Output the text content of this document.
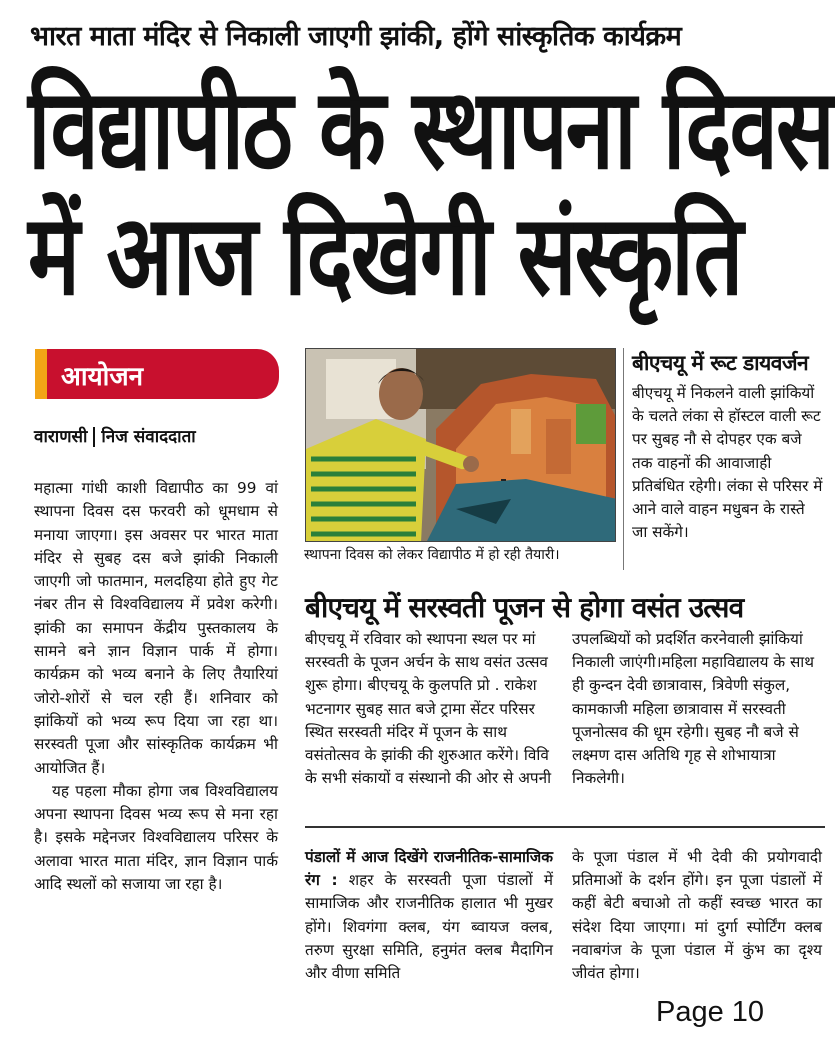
भारत माता मंदिर से निकाली जाएगी झांकी, होंगे सांस्कृतिक कार्यक्रम
विद्यापीठ के स्थापना दिवस
में आज दिखेगी संस्कृति
आयोजन
वाराणसी निज संवाददाता

महात्मा गांधी काशी विद्यापीठ का 99 वां स्थापना दिवस दस फरवरी को धूमधाम से मनाया जाएगा। इस अवसर पर भारत माता मंदिर से सुबह दस बजे झांकी निकाली जाएगी जो फातमान, मलदहिया होते हुए गेट नंबर तीन से विश्वविद्यालय में प्रवेश करेगी। झांकी का समापन केंद्रीय पुस्तकालय के सामने बने ज्ञान विज्ञान पार्क में होगा। कार्यक्रम को भव्य बनाने के लिए तैयारियां जोरो-शोरों से चल रही हैं। शनिवार को झांकियों को भव्य रूप दिया जा रहा था। सरस्वती पूजा और सांस्कृतिक कार्यक्रम भी आयोजित हैं।

यह पहला मौका होगा जब विश्वविद्यालय अपना स्थापना दिवस भव्य रूप से मना रहा है। इसके मद्देनजर विश्वविद्यालय परिसर के अलावा भारत माता मंदिर, ज्ञान विज्ञान पार्क आदि स्थलों को सजाया जा रहा है।

स्थापना दिवस को लेकर विद्यापीठ में हो रही तैयारी।
बीएचयू में रूट डायवर्जन
बीएचयू में निकलने वाली झांकियों के चलते लंका से हॉस्टल वाली रूट पर सुबह नौ से दोपहर एक बजे तक वाहनों की आवाजाही प्रतिबंधित रहेगी। लंका से परिसर में आने वाले वाहन मधुबन के रास्ते जा सकेंगे।
बीएचयू में सरस्वती पूजन से होगा वसंत उत्सव
बीएचयू में रविवार को स्थापना स्थल पर मां सरस्वती के पूजन अर्चन के साथ वसंत उत्सव शुरू होगा। बीएचयू के कुलपति प्रो . राकेश भटनागर सुबह सात बजे ट्रामा सेंटर परिसर स्थित सरस्वती मंदिर में पूजन के साथ वसंतोत्सव के झांकी की शुरुआत करेंगे। विवि के सभी संकायों व संस्थानो की ओर से अपनी
उपलब्धियों को प्रदर्शित करनेवाली झांकियां निकाली जाएंगी।महिला महाविद्यालय के साथ ही कुन्दन देवी छात्रावास, त्रिवेणी संकुल, कामकाजी महिला छात्रावास में सरस्वती पूजनोत्सव की धूम रहेगी। सुबह नौ बजे से लक्ष्मण दास अतिथि गृह से शोभायात्रा निकलेगी।
पंडालों में आज दिखेंगे राजनीतिक-सामाजिक रंग : शहर के सरस्वती पूजा पंडालों में सामाजिक और राजनीतिक हालात भी मुखर होंगे। शिवगंगा क्लब, यंग ब्वायज क्लब, तरुण सुरक्षा समिति, हनुमंत क्लब मैदागिन और वीणा समिति
के पूजा पंडाल में भी देवी की प्रयोगवादी प्रतिमाओं के दर्शन होंगे। इन पूजा पंडालों में कहीं बेटी बचाओ तो कहीं स्वच्छ भारत का संदेश दिया जाएगा। मां दुर्गा स्पोर्टिंग क्लब नवाबगंज के पूजा पंडाल में कुंभ का दृश्य जीवंत होगा।
Page 10
